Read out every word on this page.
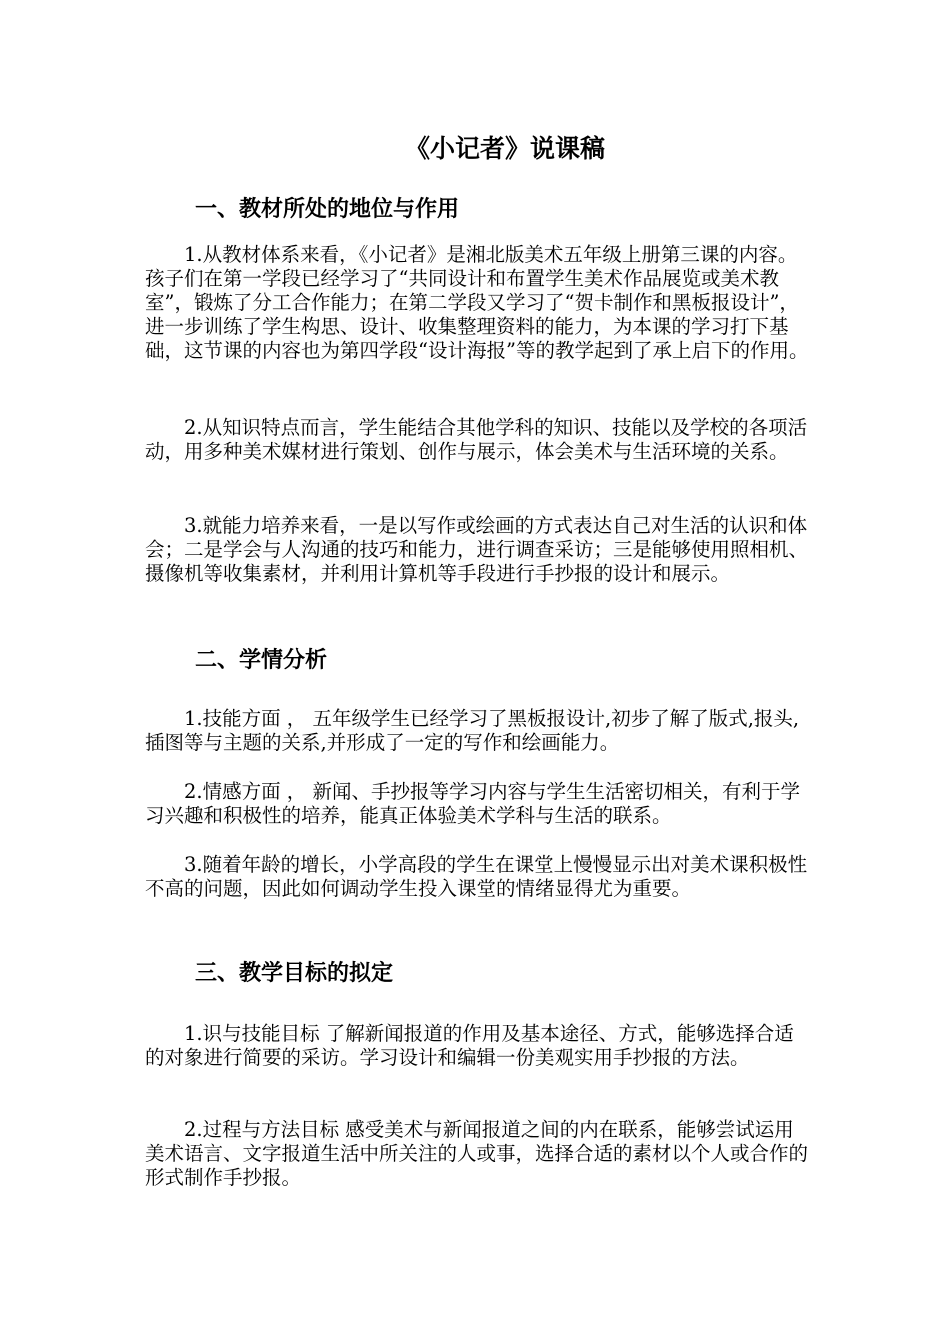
《小记者》说课稿
一、教材所处的地位与作用

1.从教材体系来看，《小记者》是湘北版美术五年级上册第三课的内容。孩子们在第一学段已经学习了“共同设计和布置学生美术作品展览或美术教室”，锻炼了分工合作能力；在第二学段又学习了“贺卡制作和黑板报设计”，进一步训练了学生构思、设计、收集整理资料的能力，为本课的学习打下基础，这节课的内容也为第四学段“设计海报”等的教学起到了承上启下的作用。

2.从知识特点而言，学生能结合其他学科的知识、技能以及学校的各项活动，用多种美术媒材进行策划、创作与展示，体会美术与生活环境的关系。

3.就能力培养来看，一是以写作或绘画的方式表达自己对生活的认识和体会；二是学会与人沟通的技巧和能力，进行调查采访；三是能够使用照相机、摄像机等收集素材，并利用计算机等手段进行手抄报的设计和展示。

二、学情分析

1.技能方面 ， 五年级学生已经学习了黑板报设计,初步了解了版式,报头,插图等与主题的关系,并形成了一定的写作和绘画能力。

2.情感方面 ， 新闻、手抄报等学习内容与学生生活密切相关，有利于学习兴趣和积极性的培养，能真正体验美术学科与生活的联系。

3.随着年龄的增长，小学高段的学生在课堂上慢慢显示出对美术课积极性不高的问题，因此如何调动学生投入课堂的情绪显得尤为重要。

三、教学目标的拟定

1.识与技能目标 了解新闻报道的作用及基本途径、方式，能够选择合适的对象进行简要的采访。学习设计和编辑一份美观实用手抄报的方法。

2.过程与方法目标 感受美术与新闻报道之间的内在联系，能够尝试运用美术语言、文字报道生活中所关注的人或事，选择合适的素材以个人或合作的形式制作手抄报。
